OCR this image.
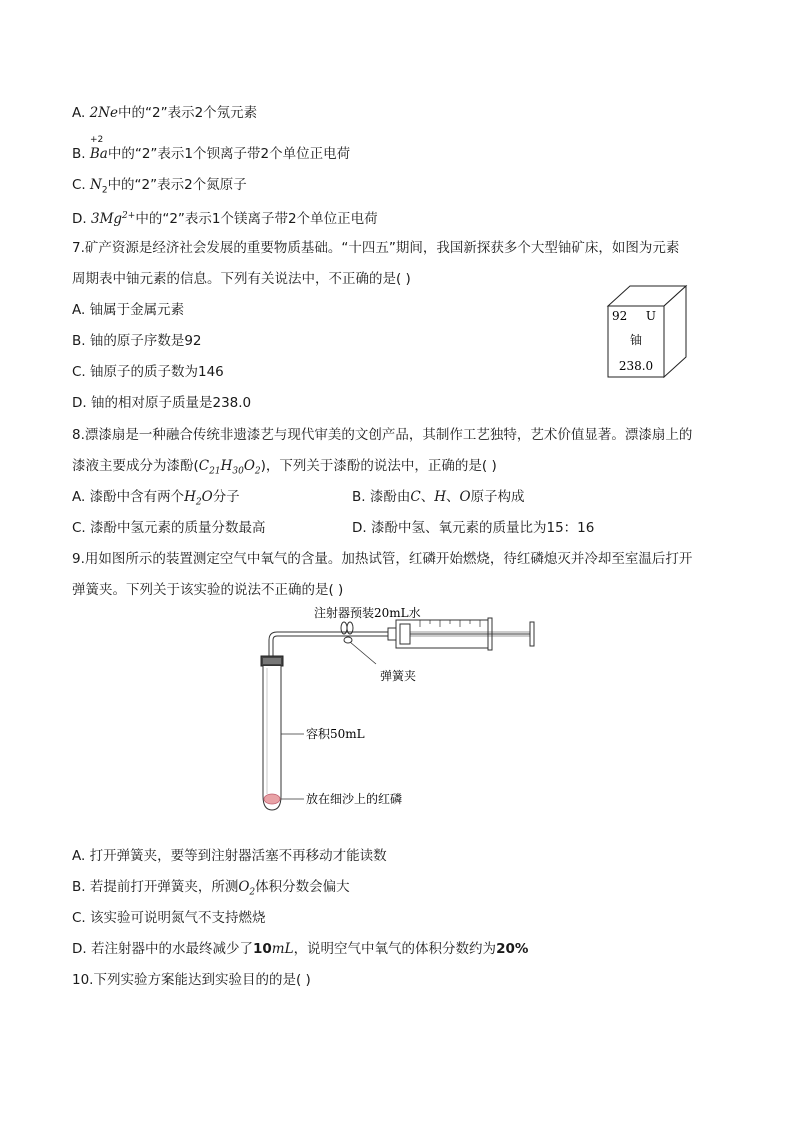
A. 2Ne中的“2”表示2个氖元素
+2
B. Ba中的“2”表示1个钡离子带2个单位正电荷
C. $N_2$中的“2”表示2个氮原子
D. $3Mg^{2+}$中的“2”表示1个镁离子带2个单位正电荷
7.矿产资源是经济社会发展的重要物质基础。“十四五”期间，我国新探获多个大型铀矿床，如图为元素
周期表中铀元素的信息。下列有关说法中，不正确的是( )
A. 铀属于金属元素
B. 铀的原子序数是92
C. 铀原子的质子数为146
D. 铀的相对原子质量是238.0
92 U
铀
238.0
8.漂漆扇是一种融合传统非遗漆艺与现代审美的文创产品，其制作工艺独特，艺术价值显著。漂漆扇上的
漆液主要成分为漆酚$(C_{21}H_{30}O_2)$，下列关于漆酚的说法中，正确的是( )
A. 漆酚中含有两个$H_2O$分子	B. 漆酚由C、H、O原子构成
C. 漆酚中氢元素的质量分数最高	D. 漆酚中氢、氧元素的质量比为15：16
9.用如图所示的装置测定空气中氧气的含量。加热试管，红磷开始燃烧，待红磷熄灭并冷却至室温后打开
弹簧夹。下列关于该实验的说法不正确的是( )
注射器预装20mL水
弹簧夹
容积50mL
放在细沙上的红磷
A. 打开弹簧夹，要等到注射器活塞不再移动才能读数
B. 若提前打开弹簧夹，所测$O_2$体积分数会偏大
C. 该实验可说明氮气不支持燃烧
D. 若注射器中的水最终减少了10mL，说明空气中氧气的体积分数约为20%
10.下列实验方案能达到实验目的的是( )
